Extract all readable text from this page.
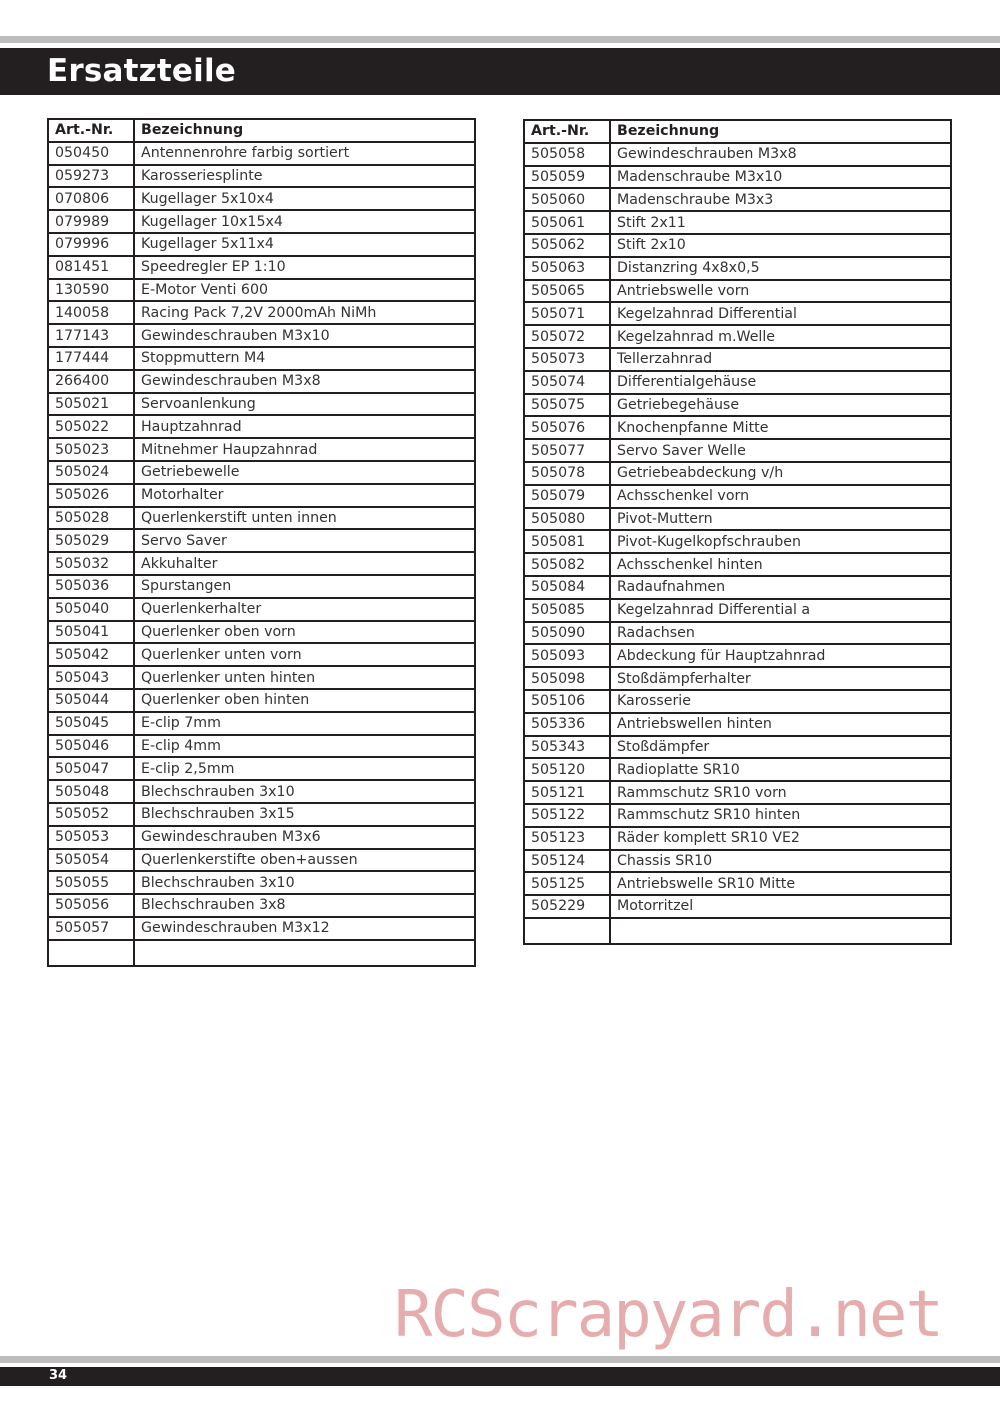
Ersatzteile
Art.-Nr.	Bezeichnung
050450	Antennenrohre farbig sortiert
059273	Karosseriesplinte
070806	Kugellager 5x10x4
079989	Kugellager 10x15x4
079996	Kugellager 5x11x4
081451	Speedregler EP 1:10
130590	E-Motor Venti 600
140058	Racing Pack 7,2V 2000mAh NiMh
177143	Gewindeschrauben M3x10
177444	Stoppmuttern M4
266400	Gewindeschrauben M3x8
505021	Servoanlenkung
505022	Hauptzahnrad
505023	Mitnehmer Haupzahnrad
505024	Getriebewelle
505026	Motorhalter
505028	Querlenkerstift unten innen
505029	Servo Saver
505032	Akkuhalter
505036	Spurstangen
505040	Querlenkerhalter
505041	Querlenker oben vorn
505042	Querlenker unten vorn
505043	Querlenker unten hinten
505044	Querlenker oben hinten
505045	E-clip 7mm
505046	E-clip 4mm
505047	E-clip 2,5mm
505048	Blechschrauben 3x10
505052	Blechschrauben 3x15
505053	Gewindeschrauben M3x6
505054	Querlenkerstifte oben+aussen
505055	Blechschrauben 3x10
505056	Blechschrauben 3x8
505057	Gewindeschrauben M3x12

Art.-Nr.	Bezeichnung
505058	Gewindeschrauben M3x8
505059	Madenschraube M3x10
505060	Madenschraube M3x3
505061	Stift 2x11
505062	Stift 2x10
505063	Distanzring 4x8x0,5
505065	Antriebswelle vorn
505071	Kegelzahnrad Differential
505072	Kegelzahnrad m.Welle
505073	Tellerzahnrad
505074	Differentialgehäuse
505075	Getriebegehäuse
505076	Knochenpfanne Mitte
505077	Servo Saver Welle
505078	Getriebeabdeckung v/h
505079	Achsschenkel vorn
505080	Pivot-Muttern
505081	Pivot-Kugelkopfschrauben
505082	Achsschenkel hinten
505084	Radaufnahmen
505085	Kegelzahnrad Differential a
505090	Radachsen
505093	Abdeckung für Hauptzahnrad
505098	Stoßdämpferhalter
505106	Karosserie
505336	Antriebswellen hinten
505343	Stoßdämpfer
505120	Radioplatte SR10
505121	Rammschutz SR10 vorn
505122	Rammschutz SR10 hinten
505123	Räder komplett SR10 VE2
505124	Chassis SR10
505125	Antriebswelle SR10 Mitte
505229	Motorritzel

RCScrapyard.net
34
